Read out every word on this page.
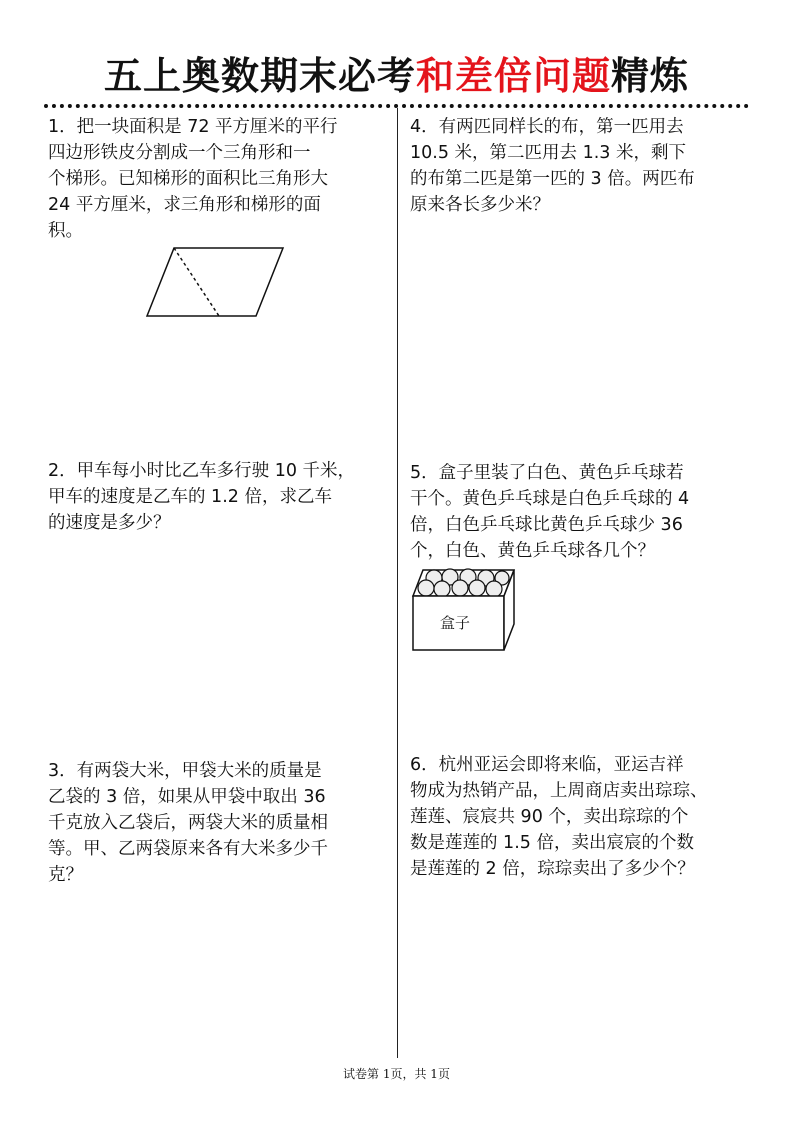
五上奥数期末必考和差倍问题精炼
1．把一块面积是 72 平方厘米的平行
四边形铁皮分割成一个三角形和一
个梯形。已知梯形的面积比三角形大
24 平方厘米，求三角形和梯形的面
积。
2．甲车每小时比乙车多行驶 10 千米，
甲车的速度是乙车的 1.2 倍，求乙车
的速度是多少？
3．有两袋大米，甲袋大米的质量是
乙袋的 3 倍，如果从甲袋中取出 36
千克放入乙袋后，两袋大米的质量相
等。甲、乙两袋原来各有大米多少千
克？
4．有两匹同样长的布，第一匹用去
10.5 米，第二匹用去 1.3 米，剩下
的布第二匹是第一匹的 3 倍。两匹布
原来各长多少米？
5．盒子里装了白色、黄色乒乓球若
干个。黄色乒乓球是白色乒乓球的 4
倍，白色乒乓球比黄色乒乓球少 36
个，白色、黄色乒乓球各几个？
6．杭州亚运会即将来临，亚运吉祥
物成为热销产品，上周商店卖出琮琮、
莲莲、宸宸共 90 个，卖出琮琮的个
数是莲莲的 1.5 倍，卖出宸宸的个数
是莲莲的 2 倍，琮琮卖出了多少个？
盒子
试卷第 1页，共 1页
